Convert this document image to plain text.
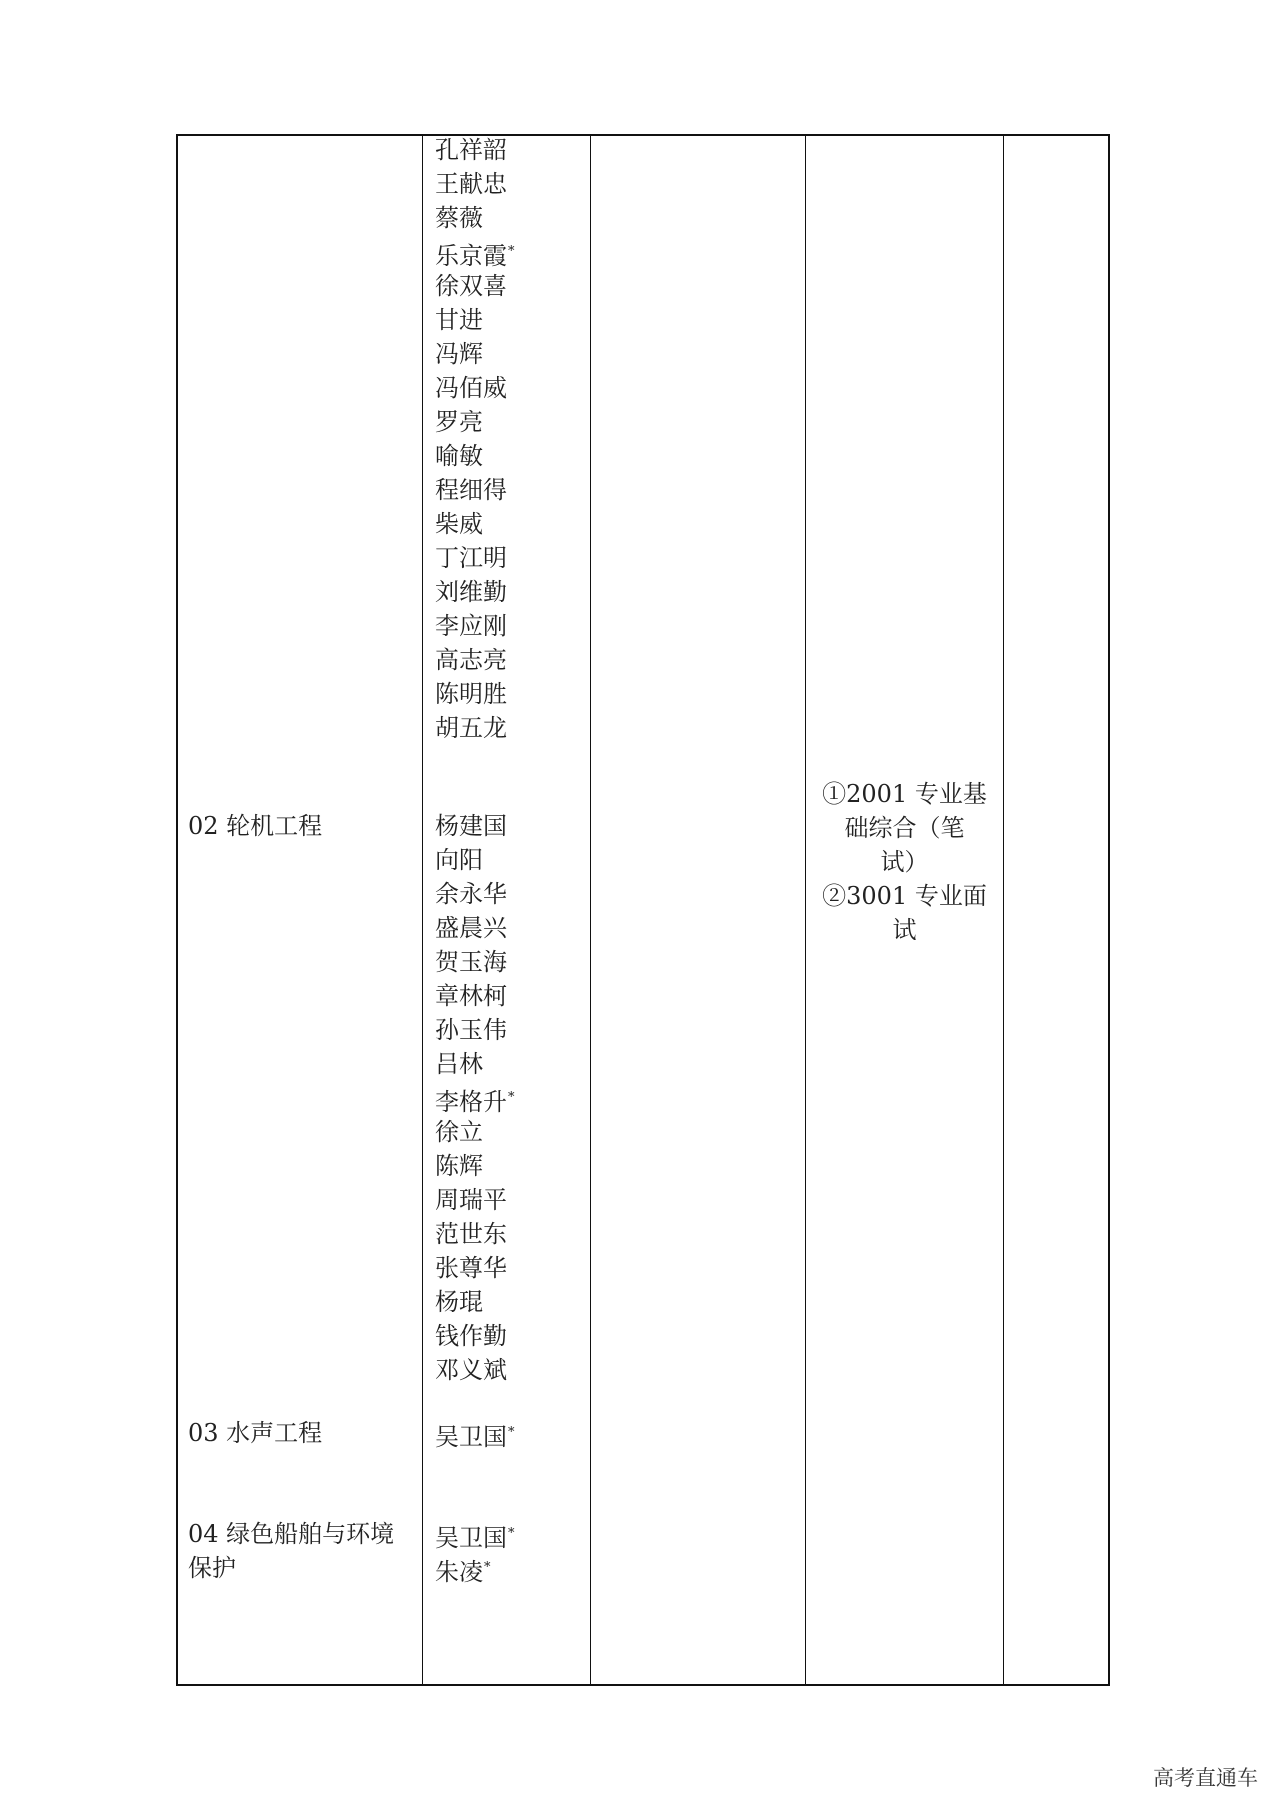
孔祥韶
王献忠
蔡薇
乐京霞*
徐双喜
甘进
冯辉
冯佰威
罗亮
喻敏
程细得
柴威
丁江明
刘维勤
李应刚
高志亮
陈明胜
胡五龙
02 轮机工程	杨建国
向阳
余永华
盛晨兴
贺玉海
章林柯
孙玉伟
吕林
李格升*
徐立
陈辉
周瑞平
范世东
张尊华
杨琨
钱作勤
邓义斌
①2001 专业基
础综合（笔
试）
②3001 专业面
试
03 水声工程	吴卫国*
04 绿色船舶与环境
保护
吴卫国*
朱凌*
高考直通车
